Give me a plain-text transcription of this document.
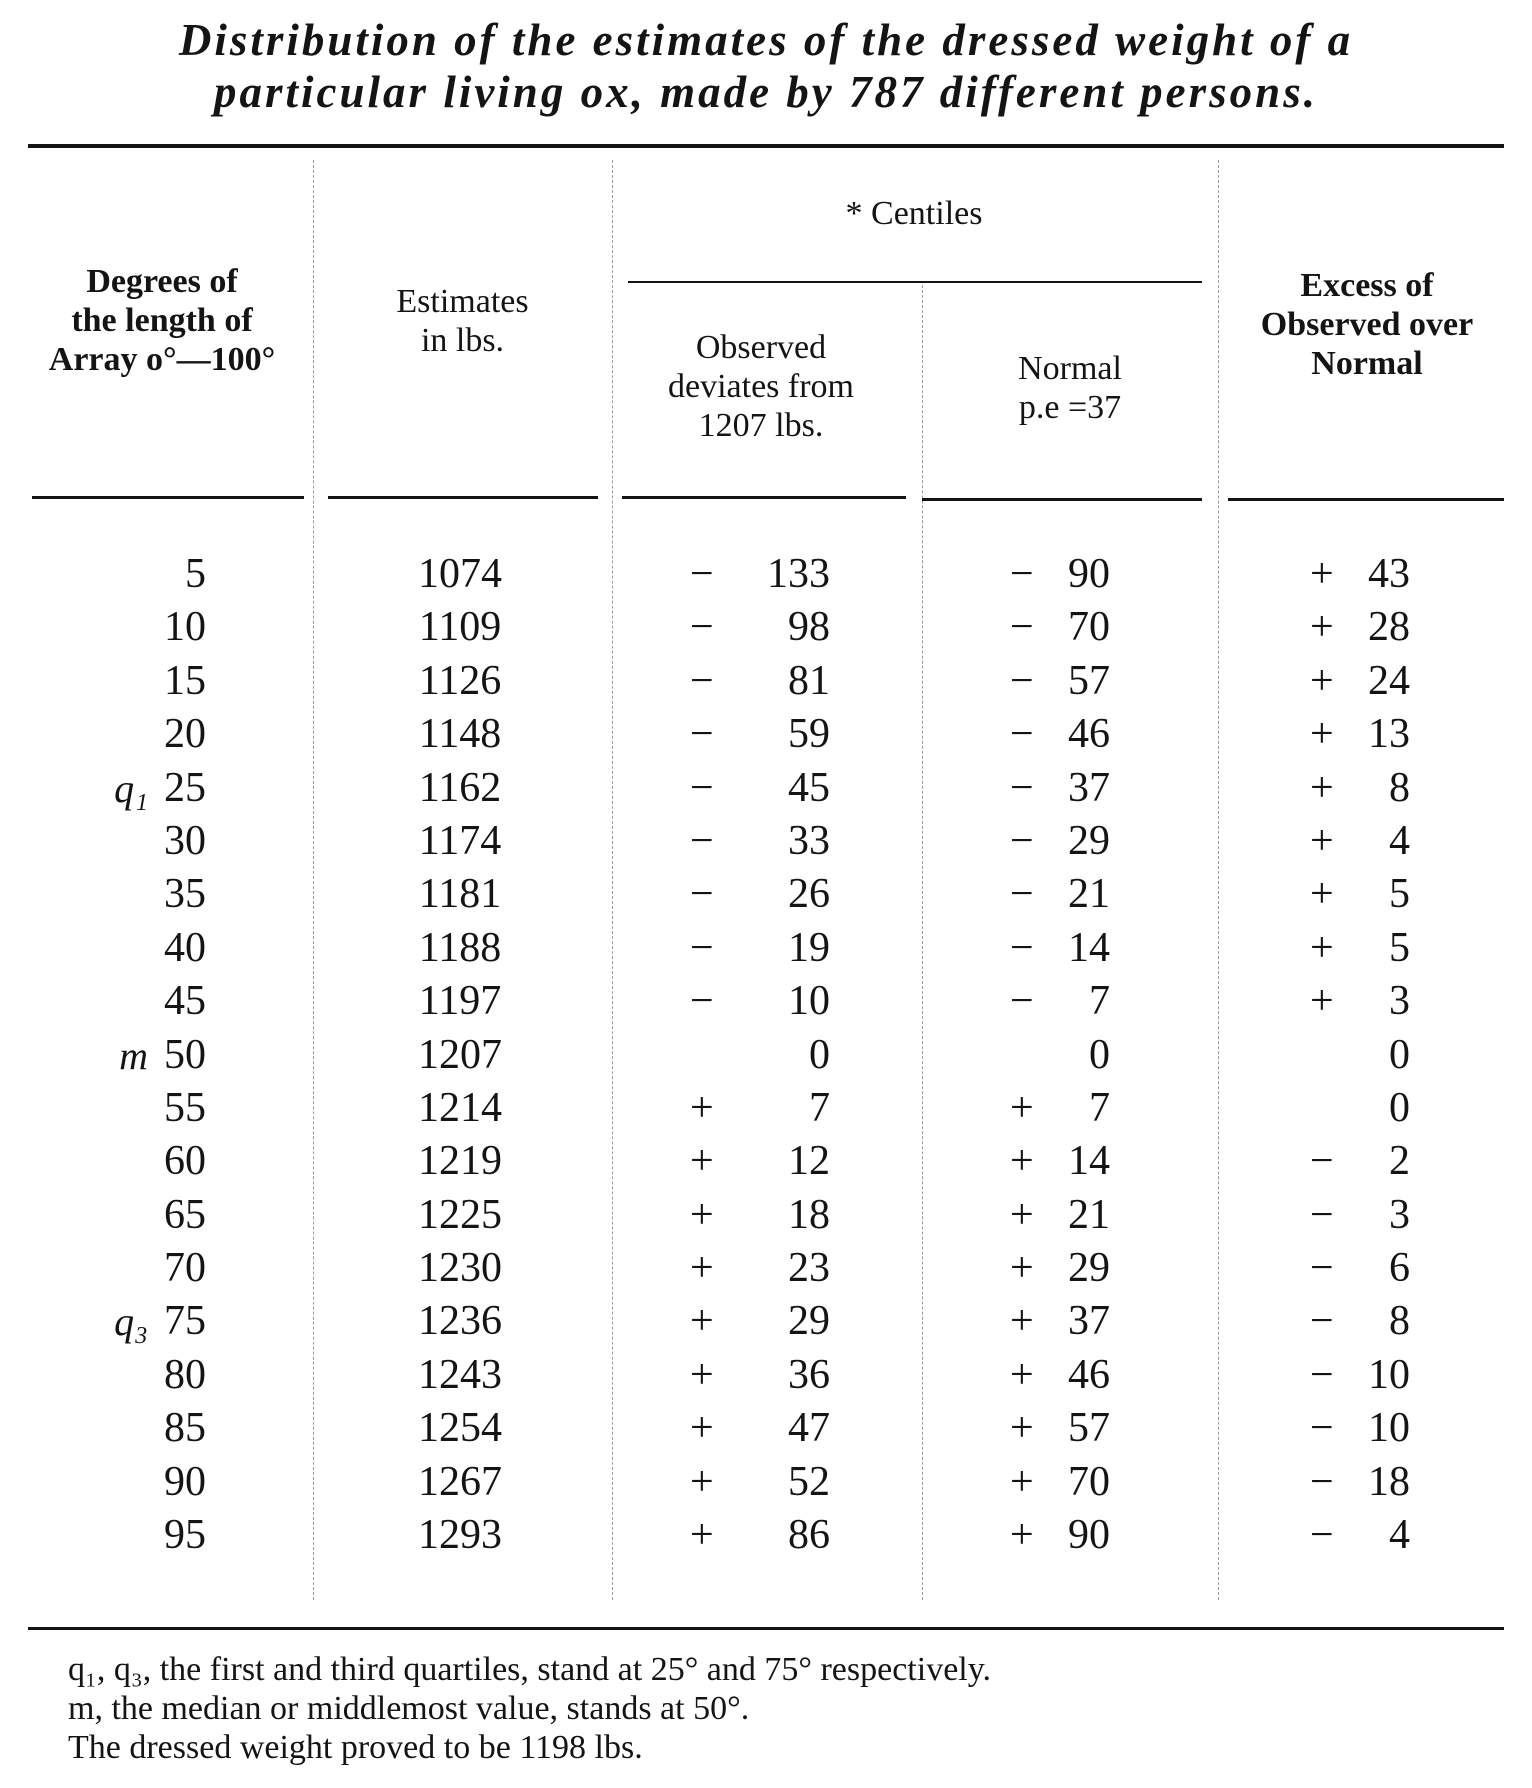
Distribution of the estimates of the dressed weight of a
particular living ox, made by 787 different persons.
Degrees of
the length of
Array o°—100°
Estimates
in lbs.
* Centiles
Observed
deviates from
1207 lbs.
Normal
p.e =37
Excess of
Observed over
Normal
5	1074	− 133	− 90	+ 43
10	1109	− 98	− 70	+ 28
15	1126	− 81	− 57	+ 24
20	1148	− 59	− 46	+ 13
q₁ 25	1162	− 45	− 37	+ 8
30	1174	− 33	− 29	+ 4
35	1181	− 26	− 21	+ 5
40	1188	− 19	− 14	+ 5
45	1197	− 10	− 7	+ 3
m 50	1207	0	0	0
55	1214	+ 7	+ 7	0
60	1219	+ 12	+ 14	− 2
65	1225	+ 18	+ 21	− 3
70	1230	+ 23	+ 29	− 6
q₃ 75	1236	+ 29	+ 37	− 8
80	1243	+ 36	+ 46	− 10
85	1254	+ 47	+ 57	− 10
90	1267	+ 52	+ 70	− 18
95	1293	+ 86	+ 90	− 4
q₁, q₃, the first and third quartiles, stand at 25° and 75° respectively.
m, the median or middlemost value, stands at 50°.
The dressed weight proved to be 1198 lbs.
